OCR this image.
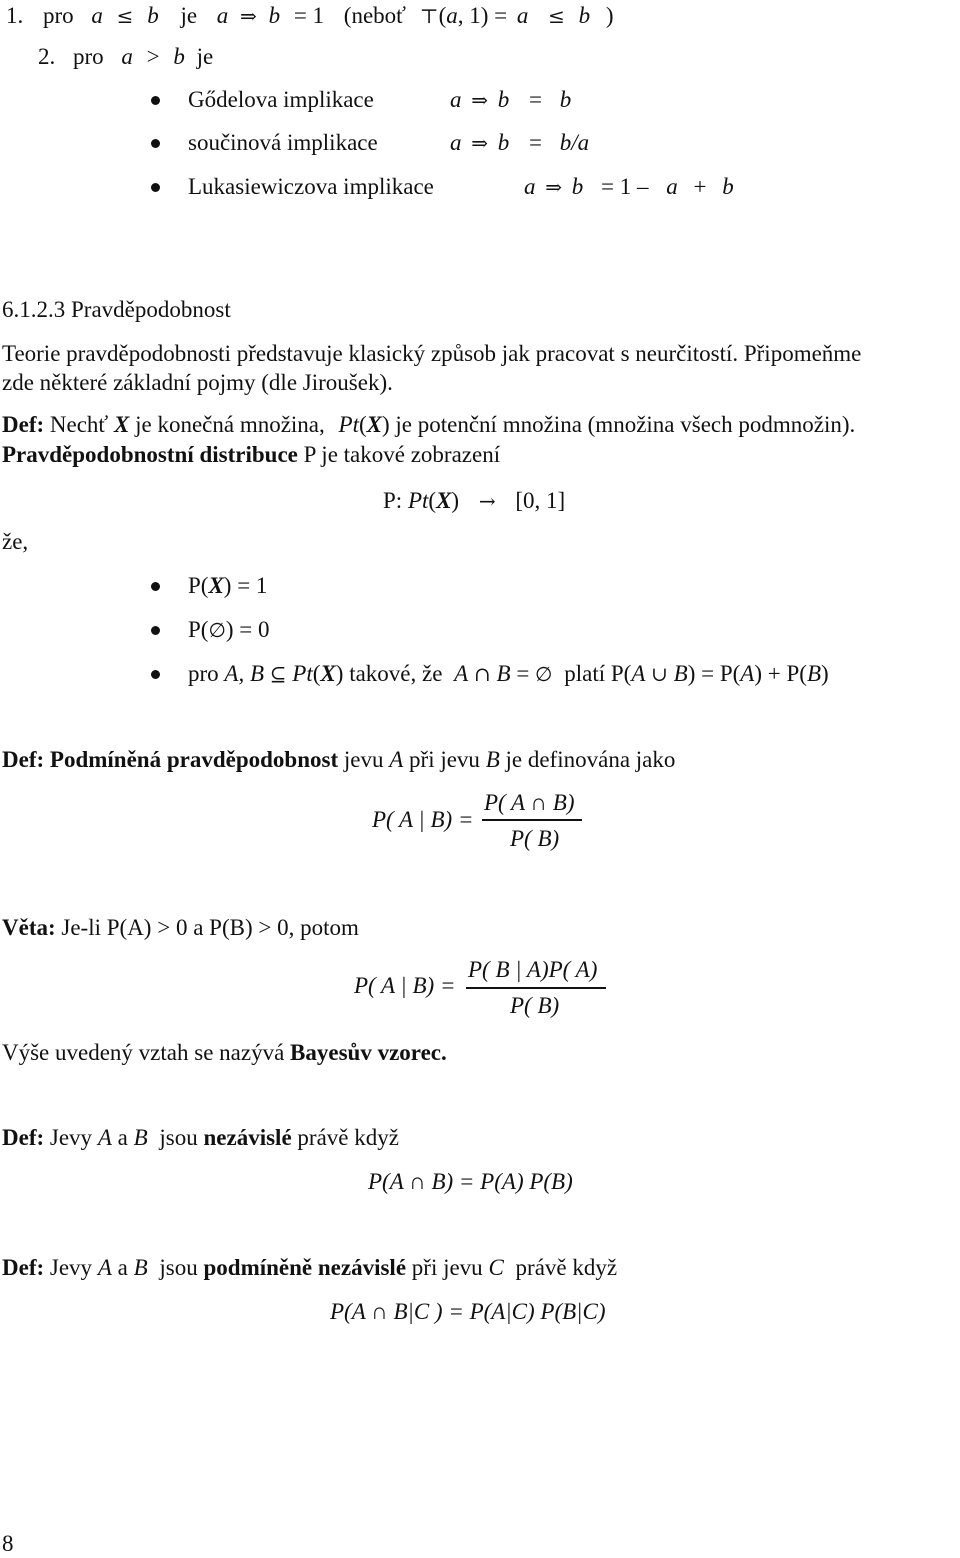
1. pro a ≤ b je a ⇒ b = 1 (neboť ⊤(a, 1) = a ≤ b )
2. pro a > b je
Gődelova implikace	a ⇒ b = b
součinová implikace	a ⇒ b = b/a
Lukasiewiczova implikace	a ⇒ b = 1 – a + b
6.1.2.3 Pravděpodobnost
Teorie pravděpodobnosti představuje klasický způsob jak pracovat s neurčitostí. Připomeňme
zde některé základní pojmy (dle Jiroušek).
Def: Nechť X je konečná množina, Pt(X) je potenční množina (množina všech podmnožin).
Pravděpodobnostní distribuce P je takové zobrazení
P: Pt(X) → [0, 1]
že,
P(X) = 1
P(∅) = 0
pro A, B ⊆ Pt(X) takové, že A ∩ B = ∅ platí P(A ∪ B) = P(A) + P(B)
Def: Podmíněná pravděpodobnost jevu A při jevu B je definována jako
P( A | B) =
P( A ∩ B)
P( B)
Věta: Je-li P(A) > 0 a P(B) > 0, potom
P( A | B) =
P( B | A)P( A)
P( B)
Výše uvedený vztah se nazývá Bayesův vzorec.
Def: Jevy A a B jsou nezávislé právě když
P(A ∩ B) = P(A) P(B)
Def: Jevy A a B jsou podmíněně nezávislé při jevu C právě když
P(A ∩ B|C ) = P(A|C) P(B|C)
8
